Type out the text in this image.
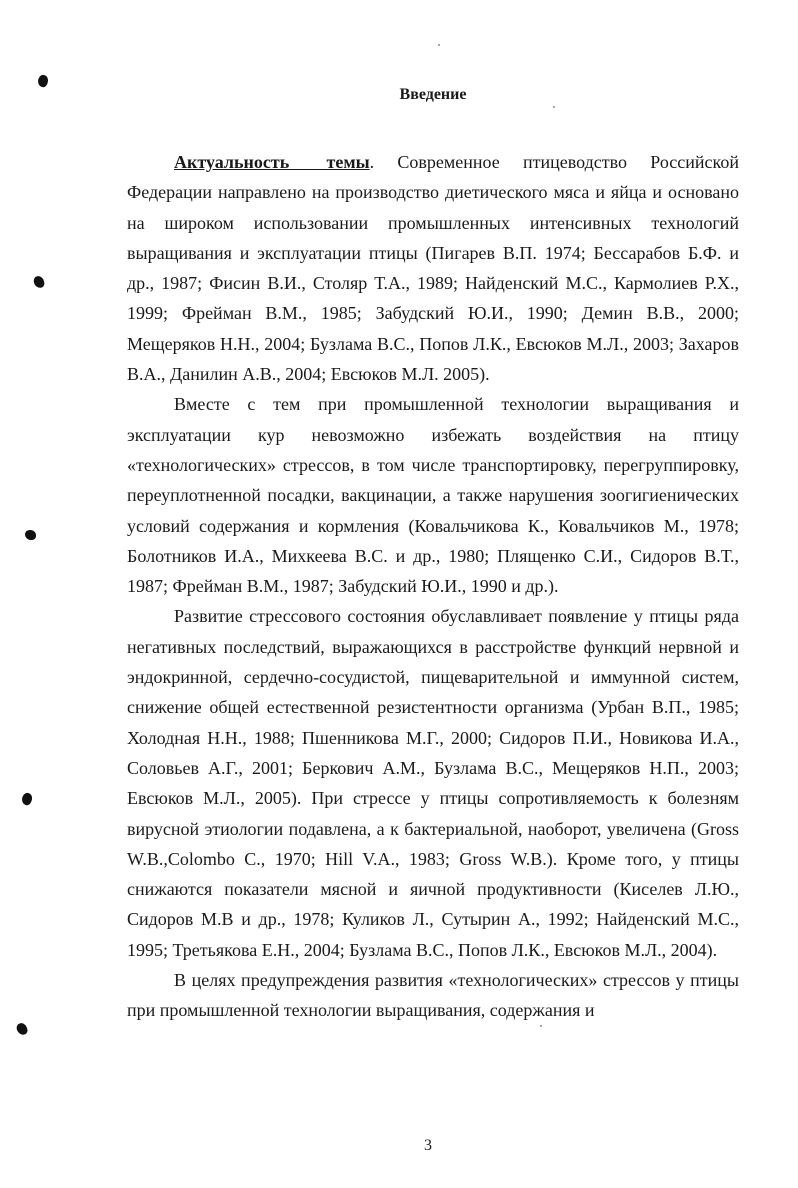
Введение

Актуальность темы. Современное птицеводство Российской Федерации направлено на производство диетического мяса и яйца и основано на широком использовании промышленных интенсивных технологий выращивания и эксплуатации птицы (Пигарев В.П. 1974; Бессарабов Б.Ф. и др., 1987; Фисин В.И., Столяр Т.А., 1989; Найденский М.С., Кармолиев Р.Х., 1999; Фрейман В.М., 1985; Забудский Ю.И., 1990; Демин В.В., 2000; Мещеряков Н.Н., 2004; Бузлама В.С., Попов Л.К., Евсюков М.Л., 2003; Захаров В.А., Данилин А.В., 2004; Евсюков М.Л. 2005).

Вместе с тем при промышленной технологии выращивания и эксплуатации кур невозможно избежать воздействия на птицу «технологических» стрессов, в том числе транспортировку, перегруппировку, переуплотненной посадки, вакцинации, а также нарушения зоогигиенических условий содержания и кормления (Ковальчикова К., Ковальчиков М., 1978; Болотников И.А., Михкеева В.С. и др., 1980; Плященко С.И., Сидоров В.Т., 1987; Фрейман В.М., 1987; Забудский Ю.И., 1990 и др.).

Развитие стрессового состояния обуславливает появление у птицы ряда негативных последствий, выражающихся в расстройстве функций нервной и эндокринной, сердечно-сосудистой, пищеварительной и иммунной систем, снижение общей естественной резистентности организма (Урбан В.П., 1985; Холодная Н.Н., 1988; Пшенникова М.Г., 2000; Сидоров П.И., Новикова И.А., Соловьев А.Г., 2001; Беркович А.М., Бузлама В.С., Мещеряков Н.П., 2003; Евсюков М.Л., 2005). При стрессе у птицы сопротивляемость к болезням вирусной этиологии подавлена, а к бактериальной, наоборот, увеличена (Gross W.B.,Colombo C., 1970; Hill V.A., 1983; Gross W.B.). Кроме того, у птицы снижаются показатели мясной и яичной продуктивности (Киселев Л.Ю., Сидоров М.В и др., 1978; Куликов Л., Сутырин А., 1992; Найденский М.С., 1995; Третьякова Е.Н., 2004; Бузлама В.С., Попов Л.К., Евсюков М.Л., 2004).

В целях предупреждения развития «технологических» стрессов у птицы при промышленной технологии выращивания, содержания и

3
